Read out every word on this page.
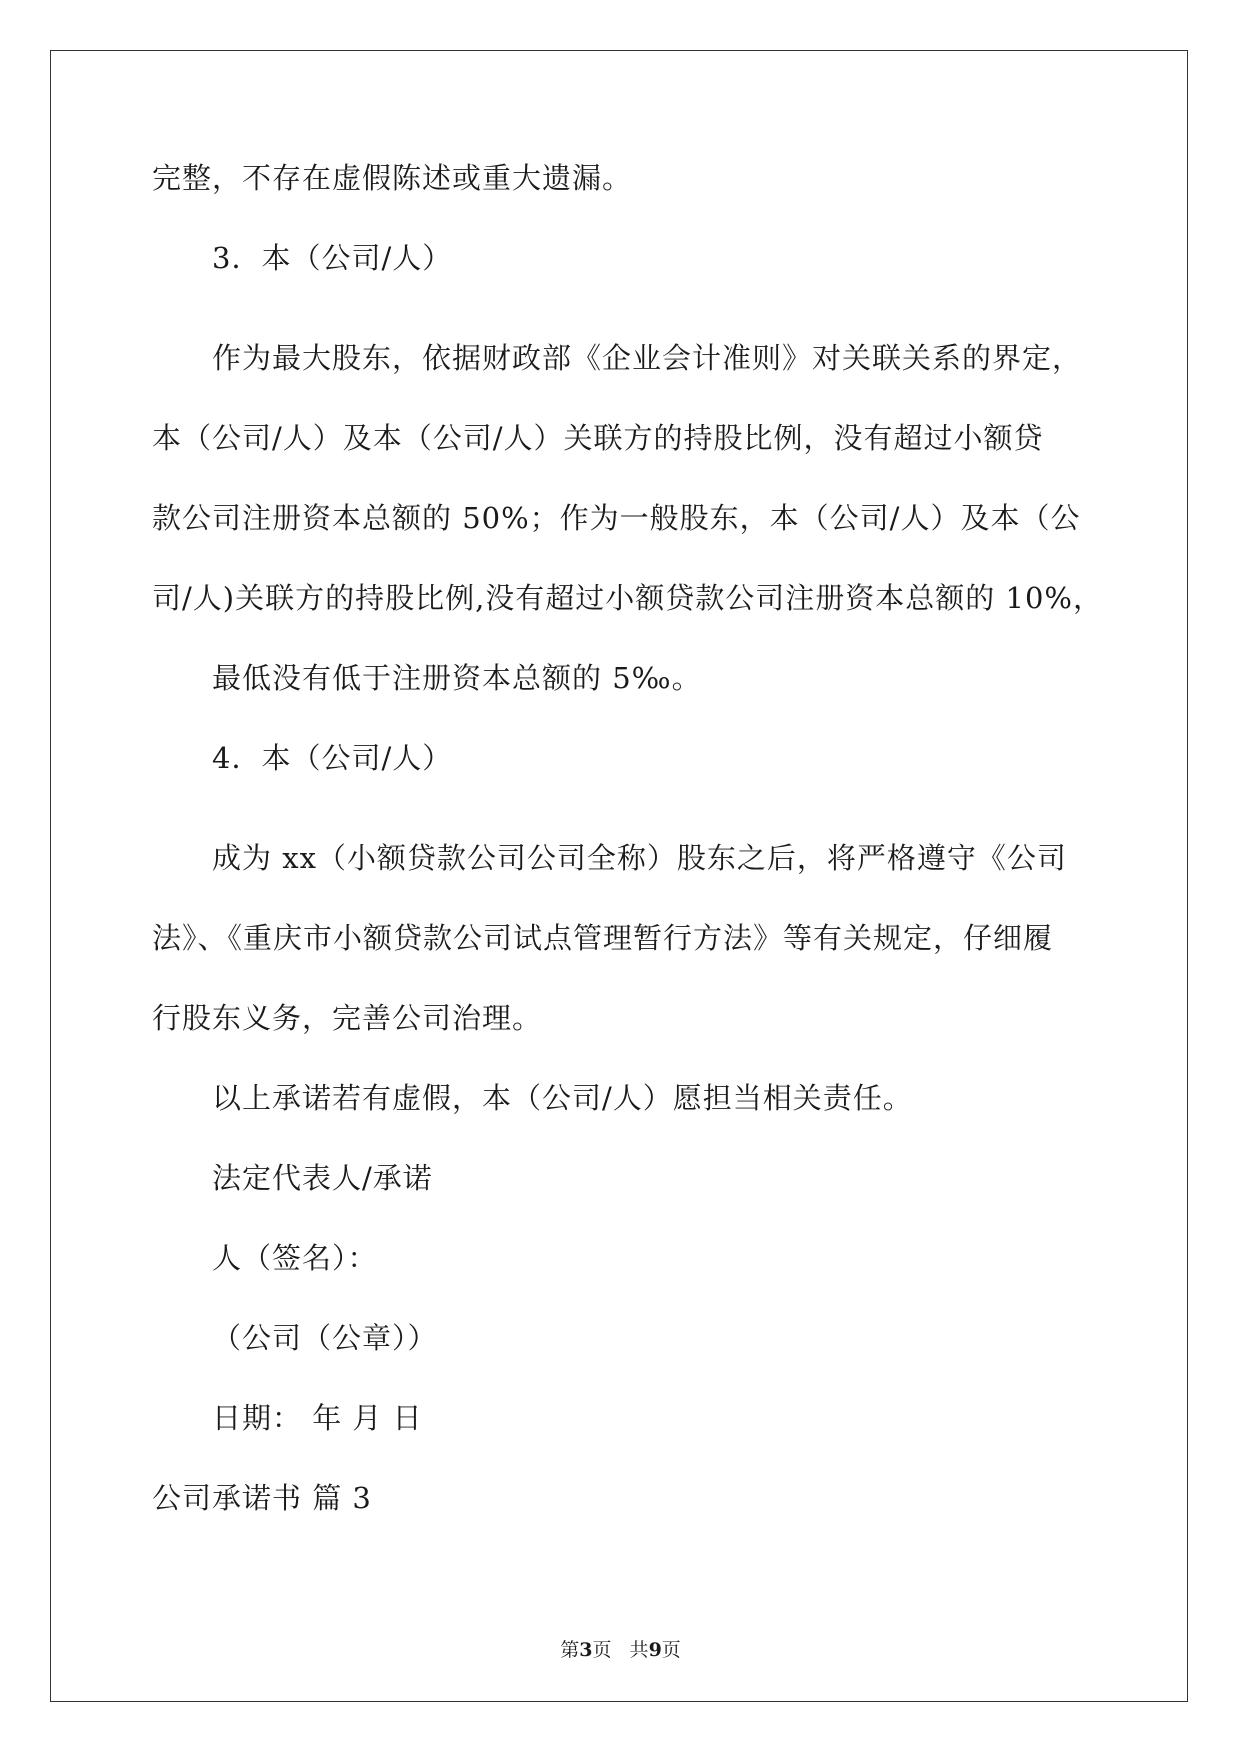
完整，不存在虚假陈述或重大遗漏。
3．本（公司/人）
作为最大股东，依据财政部《企业会计准则》对关联关系的界定，
本（公司/人）及本（公司/人）关联方的持股比例，没有超过小额贷
款公司注册资本总额的 50%；作为一般股东，本（公司/人）及本（公
司/人)关联方的持股比例,没有超过小额贷款公司注册资本总额的 10%，
最低没有低于注册资本总额的 5‰。
4．本（公司/人）
成为 xx（小额贷款公司公司全称）股东之后，将严格遵守《公司
法》、《重庆市小额贷款公司试点管理暂行方法》等有关规定，仔细履
行股东义务，完善公司治理。
以上承诺若有虚假，本（公司/人）愿担当相关责任。
法定代表人/承诺
人（签名）：
（公司（公章））
日期： 年 月 日
公司承诺书 篇 3
第3页   共9页
